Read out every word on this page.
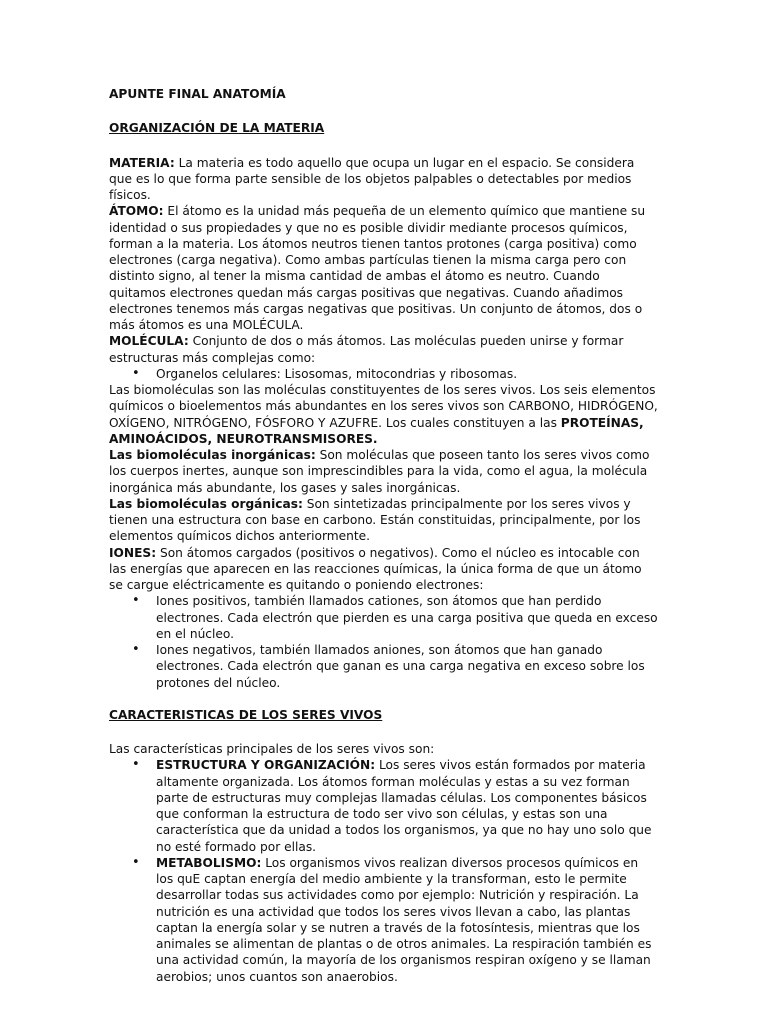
APUNTE FINAL ANATOMÍA

ORGANIZACIÓN DE LA MATERIA

MATERIA: La materia es todo aquello que ocupa un lugar en el espacio. Se considera que es lo que forma parte sensible de los objetos palpables o detectables por medios físicos.

ÁTOMO: El átomo es la unidad más pequeña de un elemento químico que mantiene su identidad o sus propiedades y que no es posible dividir mediante procesos químicos, forman a la materia. Los átomos neutros tienen tantos protones (carga positiva) como electrones (carga negativa). Como ambas partículas tienen la misma carga pero con distinto signo, al tener la misma cantidad de ambas el átomo es neutro. Cuando quitamos electrones quedan más cargas positivas que negativas. Cuando añadimos electrones tenemos más cargas negativas que positivas. Un conjunto de átomos, dos o más átomos es una MOLÉCULA.

MOLÉCULA: Conjunto de dos o más átomos. Las moléculas pueden unirse y formar estructuras más complejas como:

• Organelos celulares: Lisosomas, mitocondrias y ribosomas.

Las biomoléculas son las moléculas constituyentes de los seres vivos. Los seis elementos químicos o bioelementos más abundantes en los seres vivos son CARBONO, HIDRÓGENO, OXÍGENO, NITRÓGENO, FÓSFORO Y AZUFRE. Los cuales constituyen a las PROTEÍNAS, AMINOÁCIDOS, NEUROTRANSMISORES.

Las biomoléculas inorgánicas: Son moléculas que poseen tanto los seres vivos como los cuerpos inertes, aunque son imprescindibles para la vida, como el agua, la molécula inorgánica más abundante, los gases y sales inorgánicas.

Las biomoléculas orgánicas: Son sintetizadas principalmente por los seres vivos y tienen una estructura con base en carbono. Están constituidas, principalmente, por los elementos químicos dichos anteriormente.

IONES: Son átomos cargados (positivos o negativos). Como el núcleo es intocable con las energías que aparecen en las reacciones químicas, la única forma de que un átomo se cargue eléctricamente es quitando o poniendo electrones:

• Iones positivos, también llamados cationes, son átomos que han perdido electrones. Cada electrón que pierden es una carga positiva que queda en exceso en el núcleo.
• Iones negativos, también llamados aniones, son átomos que han ganado electrones. Cada electrón que ganan es una carga negativa en exceso sobre los protones del núcleo.

CARACTERISTICAS DE LOS SERES VIVOS

Las características principales de los seres vivos son:

• ESTRUCTURA Y ORGANIZACIÓN: Los seres vivos están formados por materia altamente organizada. Los átomos forman moléculas y estas a su vez forman parte de estructuras muy complejas llamadas células. Los componentes básicos que conforman la estructura de todo ser vivo son células, y estas son una característica que da unidad a todos los organismos, ya que no hay uno solo que no esté formado por ellas.
• METABOLISMO: Los organismos vivos realizan diversos procesos químicos en los quE captan energía del medio ambiente y la transforman, esto le permite desarrollar todas sus actividades como por ejemplo: Nutrición y respiración. La nutrición es una actividad que todos los seres vivos llevan a cabo, las plantas captan la energía solar y se nutren a través de la fotosíntesis, mientras que los animales se alimentan de plantas o de otros animales. La respiración también es una actividad común, la mayoría de los organismos respiran oxígeno y se llaman aerobios; unos cuantos son anaerobios.
